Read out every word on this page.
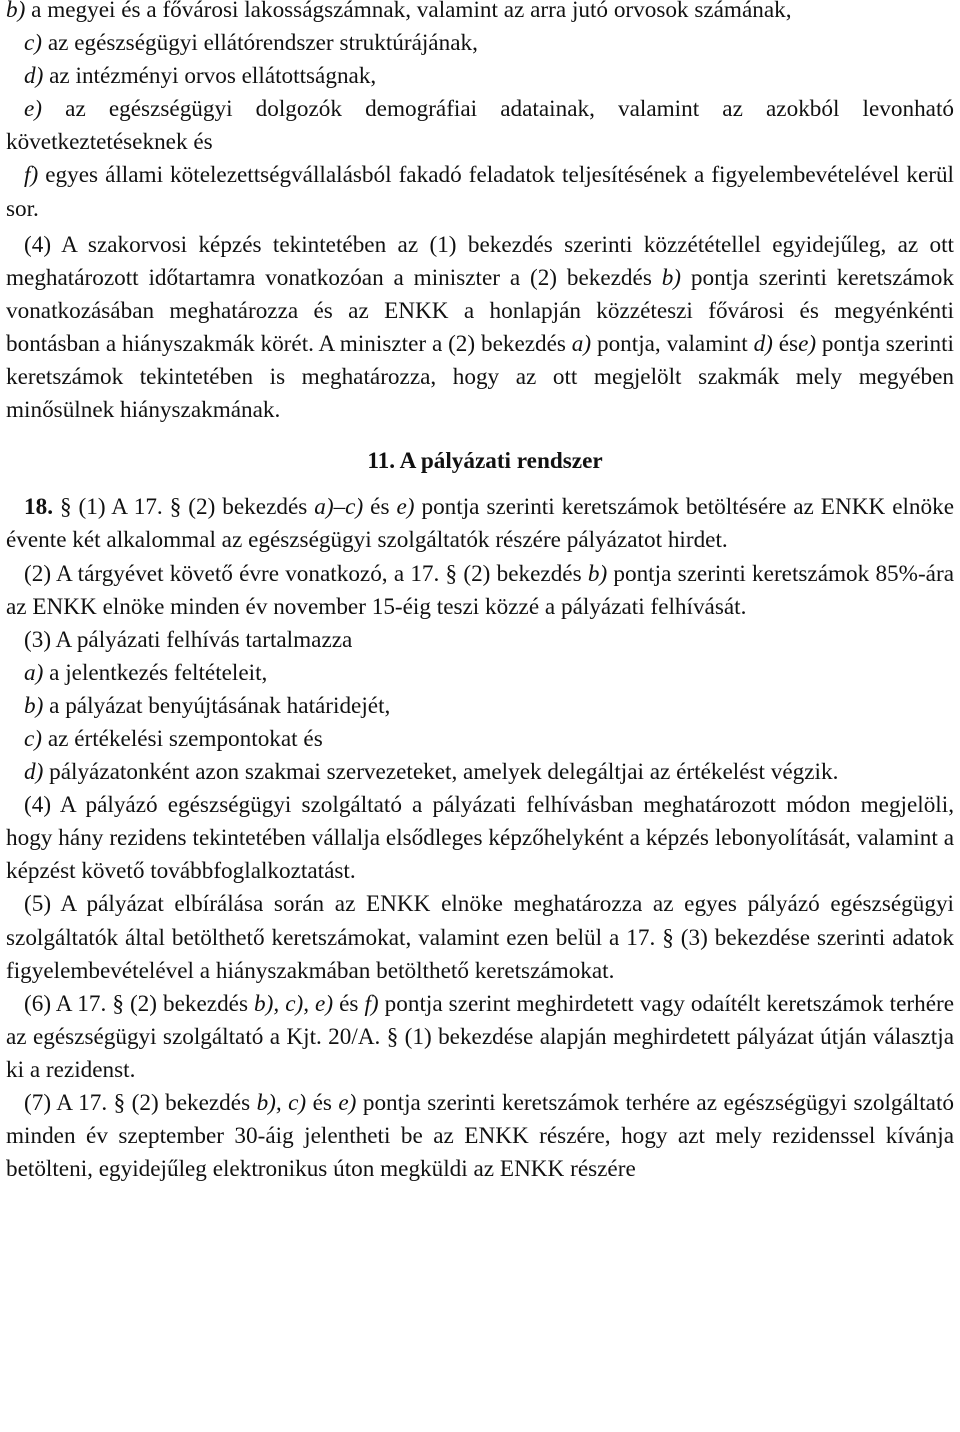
b) a megyei és a fővárosi lakosságszámnak, valamint az arra jutó orvosok számának,

c) az egészségügyi ellátórendszer struktúrájának,

d) az intézményi orvos ellátottságnak,

e) az egészségügyi dolgozók demográfiai adatainak, valamint az azokból levonható következtetéseknek és

f) egyes állami kötelezettségvállalásból fakadó feladatok teljesítésének a figyelembevételével kerül sor.

(4) A szakorvosi képzés tekintetében az (1) bekezdés szerinti közzététellel egyidejűleg, az ott meghatározott időtartamra vonatkozóan a miniszter a (2) bekezdés b) pontja szerinti keretszámok vonatkozásában meghatározza és az ENKK a honlapján közzéteszi fővárosi és megyénkénti bontásban a hiányszakmák körét. A miniszter a (2) bekezdés a) pontja, valamint d) ése) pontja szerinti keretszámok tekintetében is meghatározza, hogy az ott megjelölt szakmák mely megyében minősülnek hiányszakmának.

11. A pályázati rendszer

18. § (1) A 17. § (2) bekezdés a)–c) és e) pontja szerinti keretszámok betöltésére az ENKK elnöke évente két alkalommal az egészségügyi szolgáltatók részére pályázatot hirdet.

(2) A tárgyévet követő évre vonatkozó, a 17. § (2) bekezdés b) pontja szerinti keretszámok 85%-ára az ENKK elnöke minden év november 15-éig teszi közzé a pályázati felhívását.

(3) A pályázati felhívás tartalmazza

a) a jelentkezés feltételeit,

b) a pályázat benyújtásának határidejét,

c) az értékelési szempontokat és

d) pályázatonként azon szakmai szervezeteket, amelyek delegáltjai az értékelést végzik.

(4) A pályázó egészségügyi szolgáltató a pályázati felhívásban meghatározott módon megjelöli, hogy hány rezidens tekintetében vállalja elsődleges képzőhelyként a képzés lebonyolítását, valamint a képzést követő továbbfoglalkoztatást.

(5) A pályázat elbírálása során az ENKK elnöke meghatározza az egyes pályázó egészségügyi szolgáltatók által betölthető keretszámokat, valamint ezen belül a 17. § (3) bekezdése szerinti adatok figyelembevételével a hiányszakmában betölthető keretszámokat.

(6) A 17. § (2) bekezdés b), c), e) és f) pontja szerint meghirdetett vagy odaítélt keretszámok terhére az egészségügyi szolgáltató a Kjt. 20/A. § (1) bekezdése alapján meghirdetett pályázat útján választja ki a rezidenst.

(7) A 17. § (2) bekezdés b), c) és e) pontja szerinti keretszámok terhére az egészségügyi szolgáltató minden év szeptember 30-áig jelentheti be az ENKK részére, hogy azt mely rezidenssel kívánja betölteni, egyidejűleg elektronikus úton megküldi az ENKK részére
